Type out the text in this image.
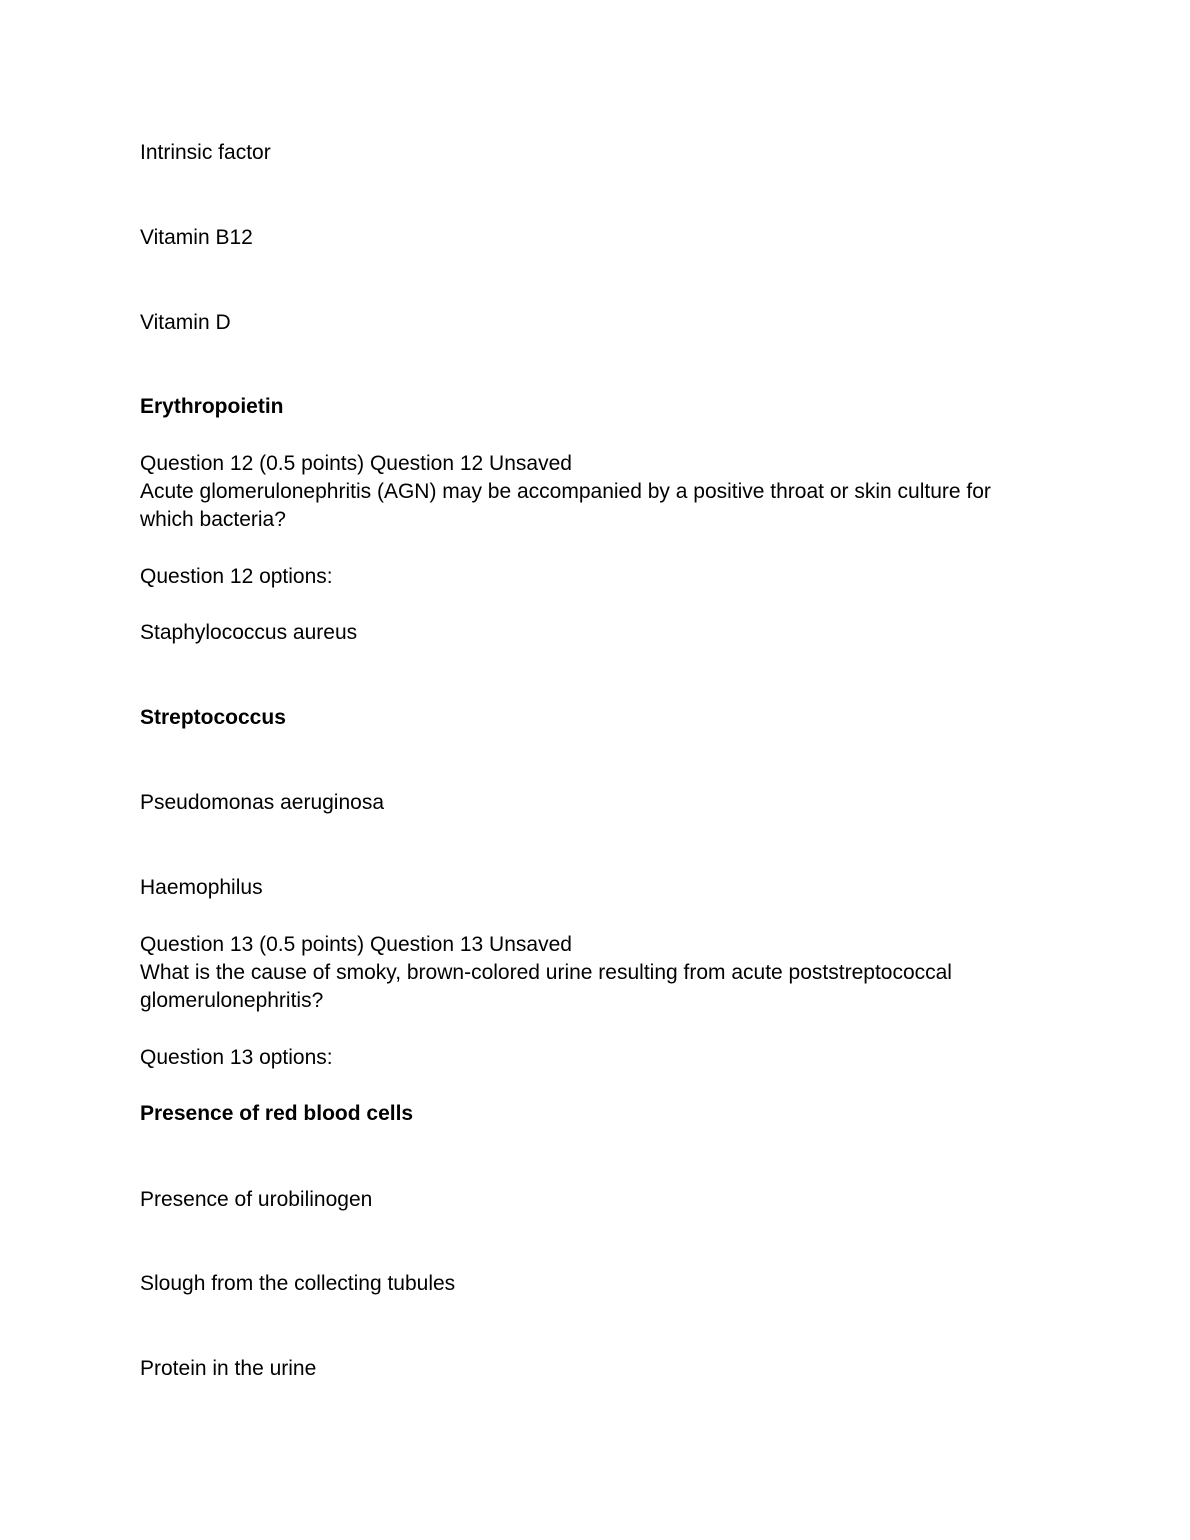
Intrinsic factor
Vitamin B12
Vitamin D
Erythropoietin
Question 12 (0.5 points) Question 12 Unsaved
Acute glomerulonephritis (AGN) may be accompanied by a positive throat or skin culture for which bacteria?
Question 12 options:
Staphylococcus aureus
Streptococcus
Pseudomonas aeruginosa
Haemophilus
Question 13 (0.5 points) Question 13 Unsaved
What is the cause of smoky, brown-colored urine resulting from acute poststreptococcal glomerulonephritis?
Question 13 options:
Presence of red blood cells
Presence of urobilinogen
Slough from the collecting tubules
Protein in the urine
